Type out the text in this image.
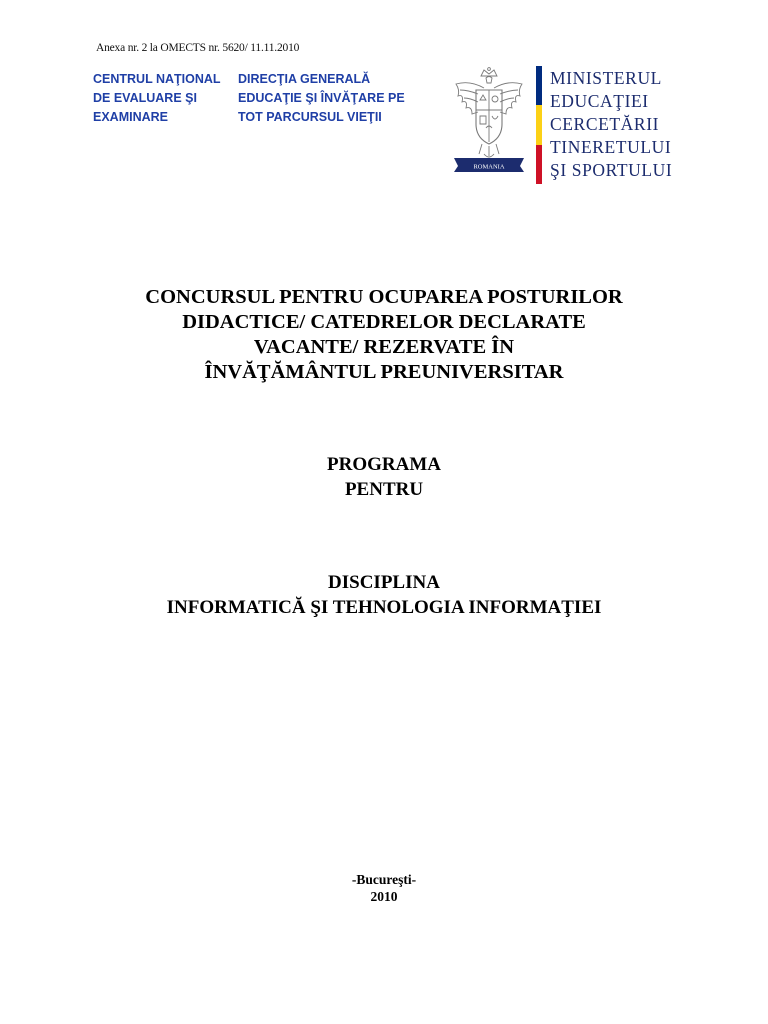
Anexa nr. 2 la OMECTS nr. 5620/ 11.11.2010
CENTRUL NAŢIONAL
DE EVALUARE ŞI
EXAMINARE
DIRECŢIA GENERALĂ
EDUCAŢIE ŞI ÎNVĂŢARE PE
TOT PARCURSUL VIEŢII
ROMANIA
MINISTERUL
EDUCAŢIEI
CERCETĂRII
TINERETULUI
ŞI SPORTULUI
CONCURSUL PENTRU OCUPAREA POSTURILOR
DIDACTICE/ CATEDRELOR DECLARATE
VACANTE/ REZERVATE ÎN
ÎNVĂŢĂMÂNTUL PREUNIVERSITAR
PROGRAMA
PENTRU
DISCIPLINA
INFORMATICĂ ŞI TEHNOLOGIA INFORMAŢIEI
-Bucureşti-
2010
